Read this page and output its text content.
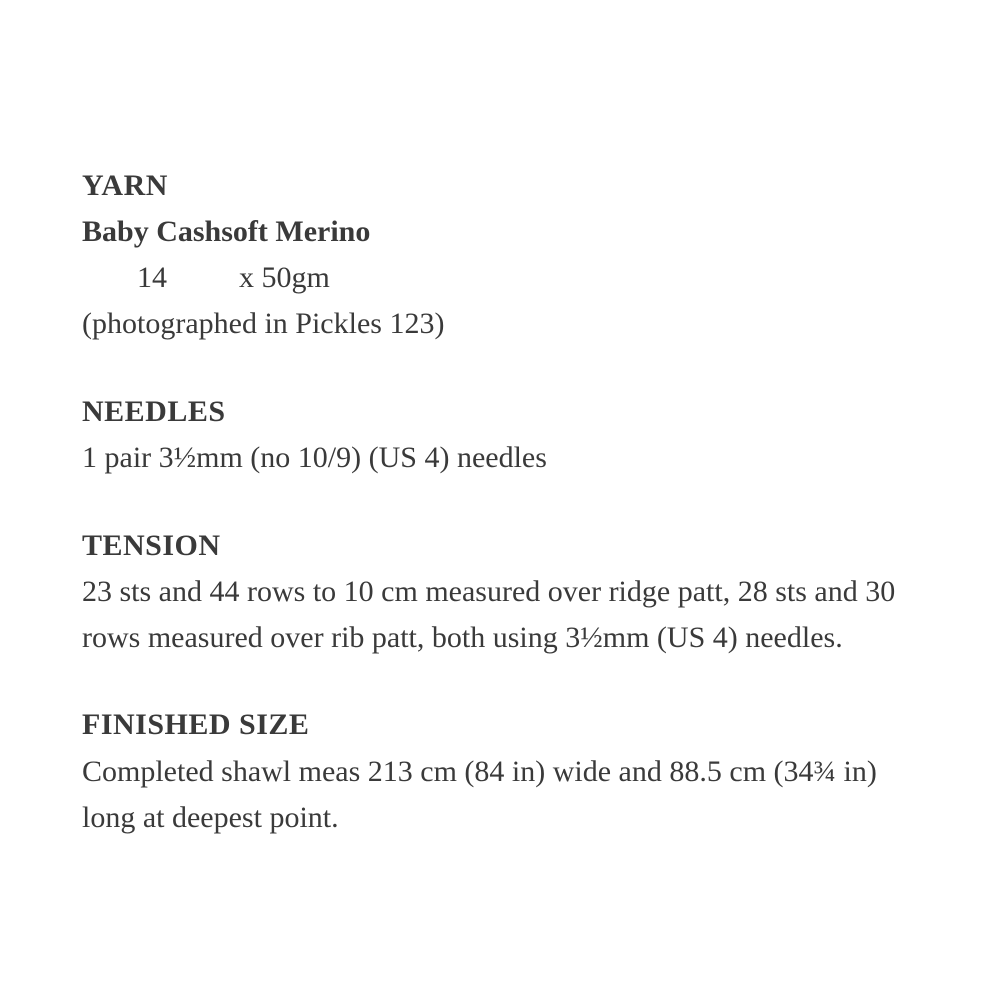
YARN
Baby Cashsoft Merino
14 x 50gm
(photographed in Pickles 123)
NEEDLES
1 pair 3½mm (no 10/9) (US 4) needles
TENSION
23 sts and 44 rows to 10 cm measured over ridge patt, 28 sts and 30
rows measured over rib patt, both using 3½mm (US 4) needles.
FINISHED SIZE
Completed shawl meas 213 cm (84 in) wide and 88.5 cm (34¾ in)
long at deepest point.
